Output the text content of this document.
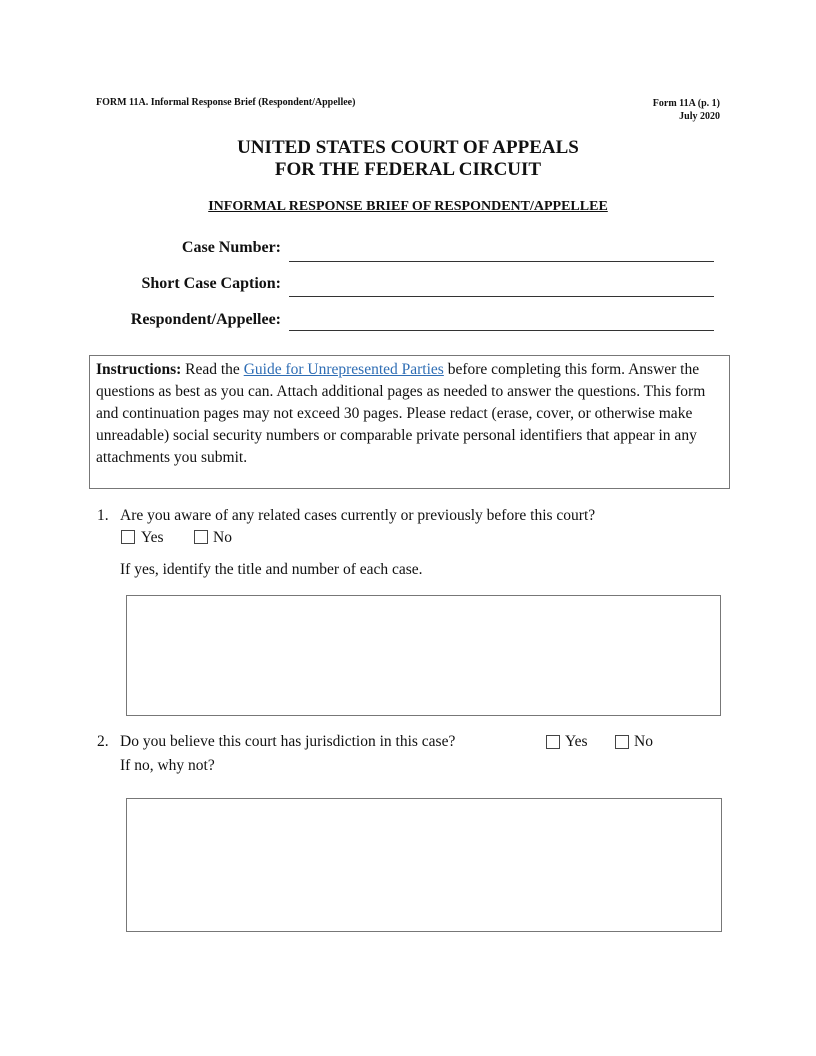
FORM 11A. Informal Response Brief (Respondent/Appellee)	Form 11A (p. 1)
July 2020
UNITED STATES COURT OF APPEALS
FOR THE FEDERAL CIRCUIT
INFORMAL RESPONSE BRIEF OF RESPONDENT/APPELLEE
Case Number:
Short Case Caption:
Respondent/Appellee:
Instructions: Read the Guide for Unrepresented Parties before completing this form. Answer the questions as best as you can. Attach additional pages as needed to answer the questions. This form and continuation pages may not exceed 30 pages. Please redact (erase, cover, or otherwise make unreadable) social security numbers or comparable private personal identifiers that appear in any attachments you submit.
1. Are you aware of any related cases currently or previously before this court?
Yes	No
If yes, identify the title and number of each case.
2. Do you believe this court has jurisdiction in this case?	Yes	No
If no, why not?
